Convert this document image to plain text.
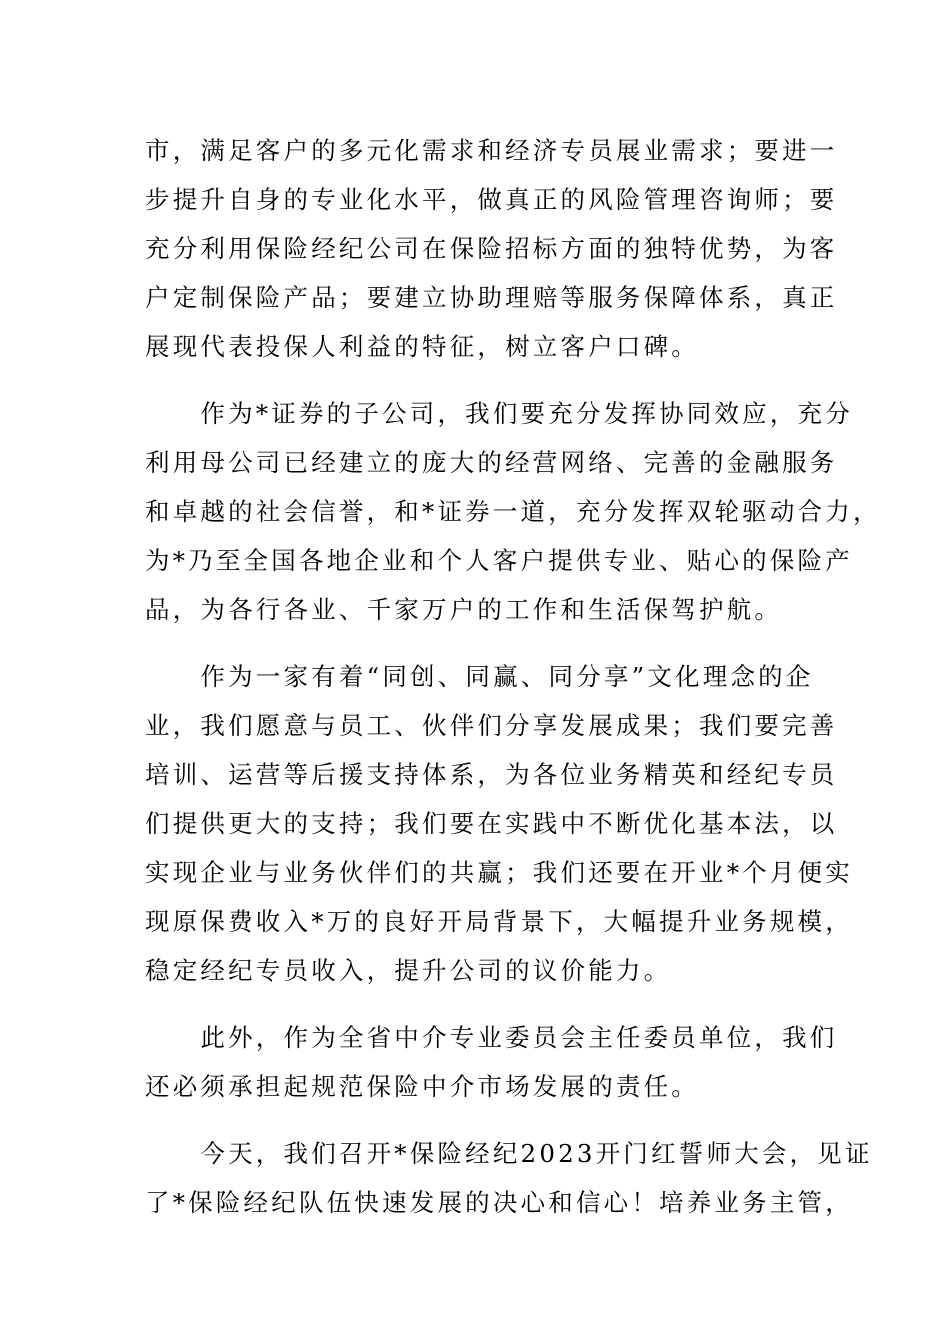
市，满足客户的多元化需求和经济专员展业需求；要进一
步提升自身的专业化水平，做真正的风险管理咨询师；要
充分利用保险经纪公司在保险招标方面的独特优势，为客
户定制保险产品；要建立协助理赔等服务保障体系，真正
展现代表投保人利益的特征，树立客户口碑。
　　作为*证券的子公司，我们要充分发挥协同效应，充分
利用母公司已经建立的庞大的经营网络、完善的金融服务
和卓越的社会信誉，和*证券一道，充分发挥双轮驱动合力，
为*乃至全国各地企业和个人客户提供专业、贴心的保险产
品，为各行各业、千家万户的工作和生活保驾护航。
　　作为一家有着“同创、同赢、同分享”文化理念的企
业，我们愿意与员工、伙伴们分享发展成果；我们要完善
培训、运营等后援支持体系，为各位业务精英和经纪专员
们提供更大的支持；我们要在实践中不断优化基本法，以
实现企业与业务伙伴们的共赢；我们还要在开业*个月便实
现原保费收入*万的良好开局背景下，大幅提升业务规模，
稳定经纪专员收入，提升公司的议价能力。
　　此外，作为全省中介专业委员会主任委员单位，我们
还必须承担起规范保险中介市场发展的责任。
　　今天，我们召开*保险经纪2023开门红誓师大会，见证
了*保险经纪队伍快速发展的决心和信心！培养业务主管，
